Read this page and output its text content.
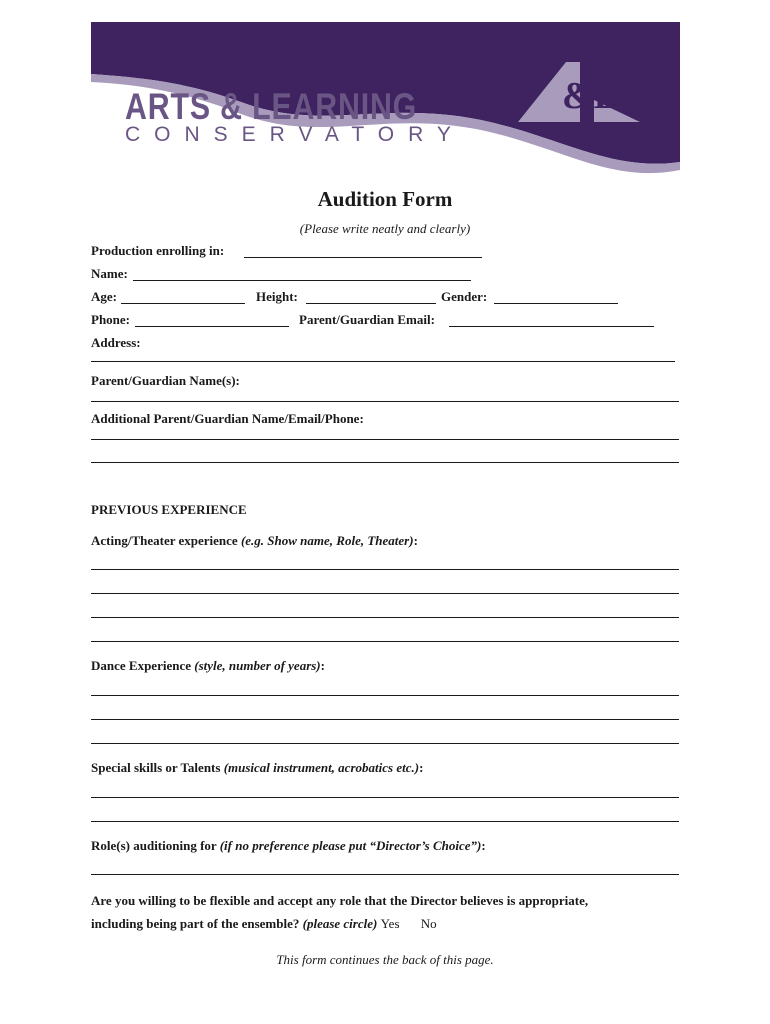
&L
ARTS & LEARNING
CONSERVATORY
Audition Form
(Please write neatly and clearly)
Production enrolling in:
Name:
Age:	Height:	Gender:
Phone:	Parent/Guardian Email:
Address:
Parent/Guardian Name(s):
Additional Parent/Guardian Name/Email/Phone:
PREVIOUS EXPERIENCE
Acting/Theater experience (e.g. Show name, Role, Theater):
Dance Experience (style, number of years):
Special skills or Talents (musical instrument, acrobatics etc.):
Role(s) auditioning for (if no preference please put “Director’s Choice”):
Are you willing to be flexible and accept any role that the Director believes is appropriate,
including being part of the ensemble? (please circle) Yes No
This form continues the back of this page.
